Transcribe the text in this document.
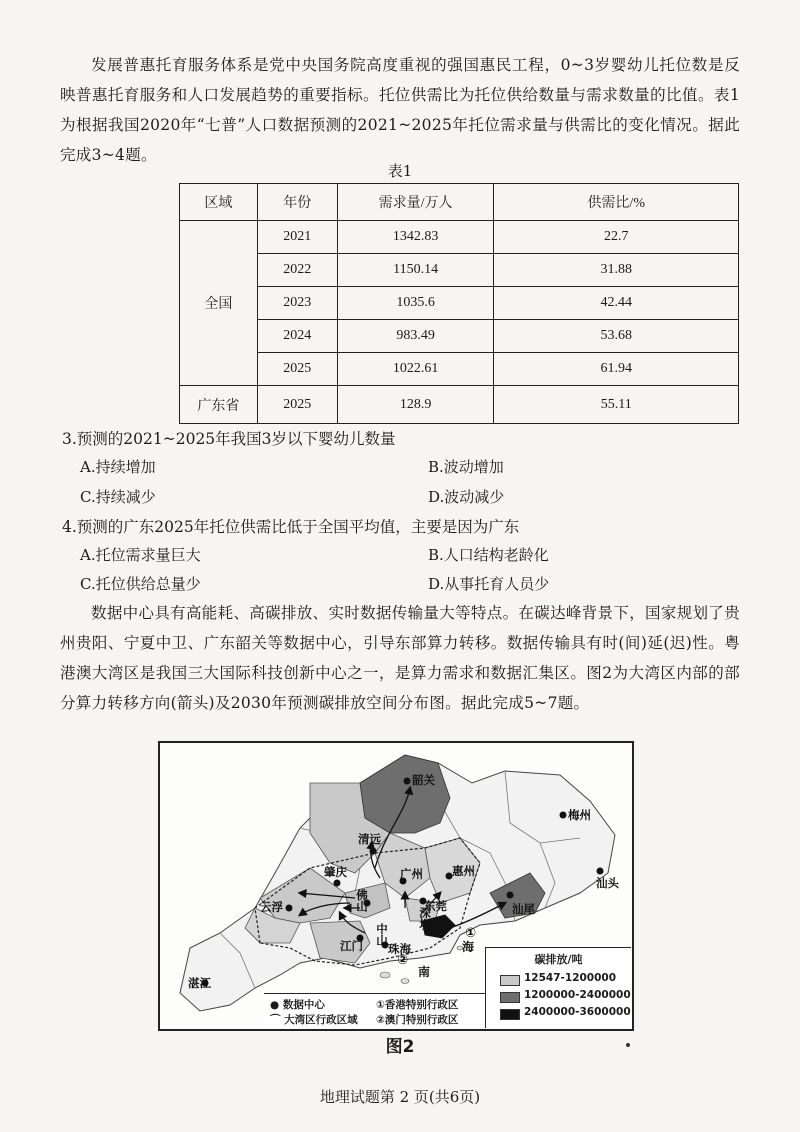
发展普惠托育服务体系是党中央国务院高度重视的强国惠民工程，0~3岁婴幼儿托位数是反映普惠托育服务和人口发展趋势的重要指标。托位供需比为托位供给数量与需求数量的比值。表1为根据我国2020年“七普”人口数据预测的2021~2025年托位需求量与供需比的变化情况。据此完成3~4题。

表1
区域	年份	需求量/万人	供需比/%
全国	2021	1342.83	22.7
	2022	1150.14	31.88
	2023	1035.6	42.44
	2024	983.49	53.68
	2025	1022.61	61.94
广东省	2025	128.9	55.11
3.预测的2021~2025年我国3岁以下婴幼儿数量
A.持续增加	B.波动增加
C.持续减少	D.波动减少
4.预测的广东2025年托位供需比低于全国平均值，主要是因为广东
A.托位需求量巨大	B.人口结构老龄化
C.托位供给总量少	D.从事托育人员少

数据中心具有高能耗、高碳排放、实时数据传输量大等特点。在碳达峰背景下，国家规划了贵州贵阳、宁夏中卫、广东韶关等数据中心，引导东部算力转移。数据传输具有时(间)延(迟)性。粤港澳大湾区是我国三大国际科技创新中心之一，是算力需求和数据汇集区。图2为大湾区内部的部分算力转移方向(箭头)及2030年预测碳排放空间分布图。据此完成5~7题。

韶关
梅州
清远
肇庆	广州	惠州
云浮	佛山	东莞	汕尾
汕头
江门 中山
珠海
深圳
湛江
南
海
①
②
● 数据中心
⌒ 大湾区行政区域
①香港特别行政区
②澳门特别行政区
碳排放/吨
12547-1200000
1200000-2400000
2400000-3600000
图2
地理试题第 2 页(共6页)
